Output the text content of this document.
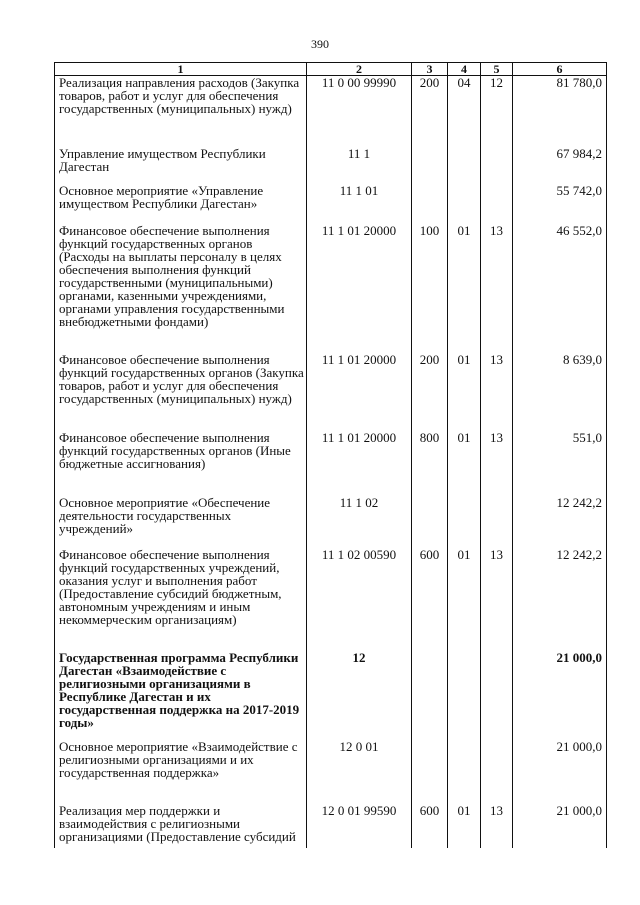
390
1	2	3	4	5	6
Реализация направления расходов (Закупка товаров, работ и услуг для обеспечения государственных (муниципальных) нужд)	11 0 00 99990	200	04	12	81 780,0
Управление имуществом Республики Дагестан	11 1				67 984,2
Основное мероприятие «Управление имуществом Республики Дагестан»	11 1 01				55 742,0
Финансовое обеспечение выполнения функций государственных органов (Расходы на выплаты персоналу в целях обеспечения выполнения функций государственными (муниципальными) органами, казенными учреждениями, органами управления государственными внебюджетными фондами)	11 1 01 20000	100	01	13	46 552,0
Финансовое обеспечение выполнения функций государственных органов (Закупка товаров, работ и услуг для обеспечения государственных (муниципальных) нужд)	11 1 01 20000	200	01	13	8 639,0
Финансовое обеспечение выполнения функций государственных органов (Иные бюджетные ассигнования)	11 1 01 20000	800	01	13	551,0
Основное мероприятие «Обеспечение деятельности государственных учреждений»	11 1 02				12 242,2
Финансовое обеспечение выполнения функций государственных учреждений, оказания услуг и выполнения работ (Предоставление субсидий бюджетным, автономным учреждениям и иным некоммерческим организациям)	11 1 02 00590	600	01	13	12 242,2
Государственная программа Республики Дагестан «Взаимодействие с религиозными организациями в Республике Дагестан и их государственная поддержка на 2017-2019 годы»	12				21 000,0
Основное мероприятие «Взаимодействие с религиозными организациями и их государственная поддержка»	12 0 01				21 000,0
Реализация мер поддержки и взаимодействия с религиозными организациями (Предоставление субсидий	12 0 01 99590	600	01	13	21 000,0
